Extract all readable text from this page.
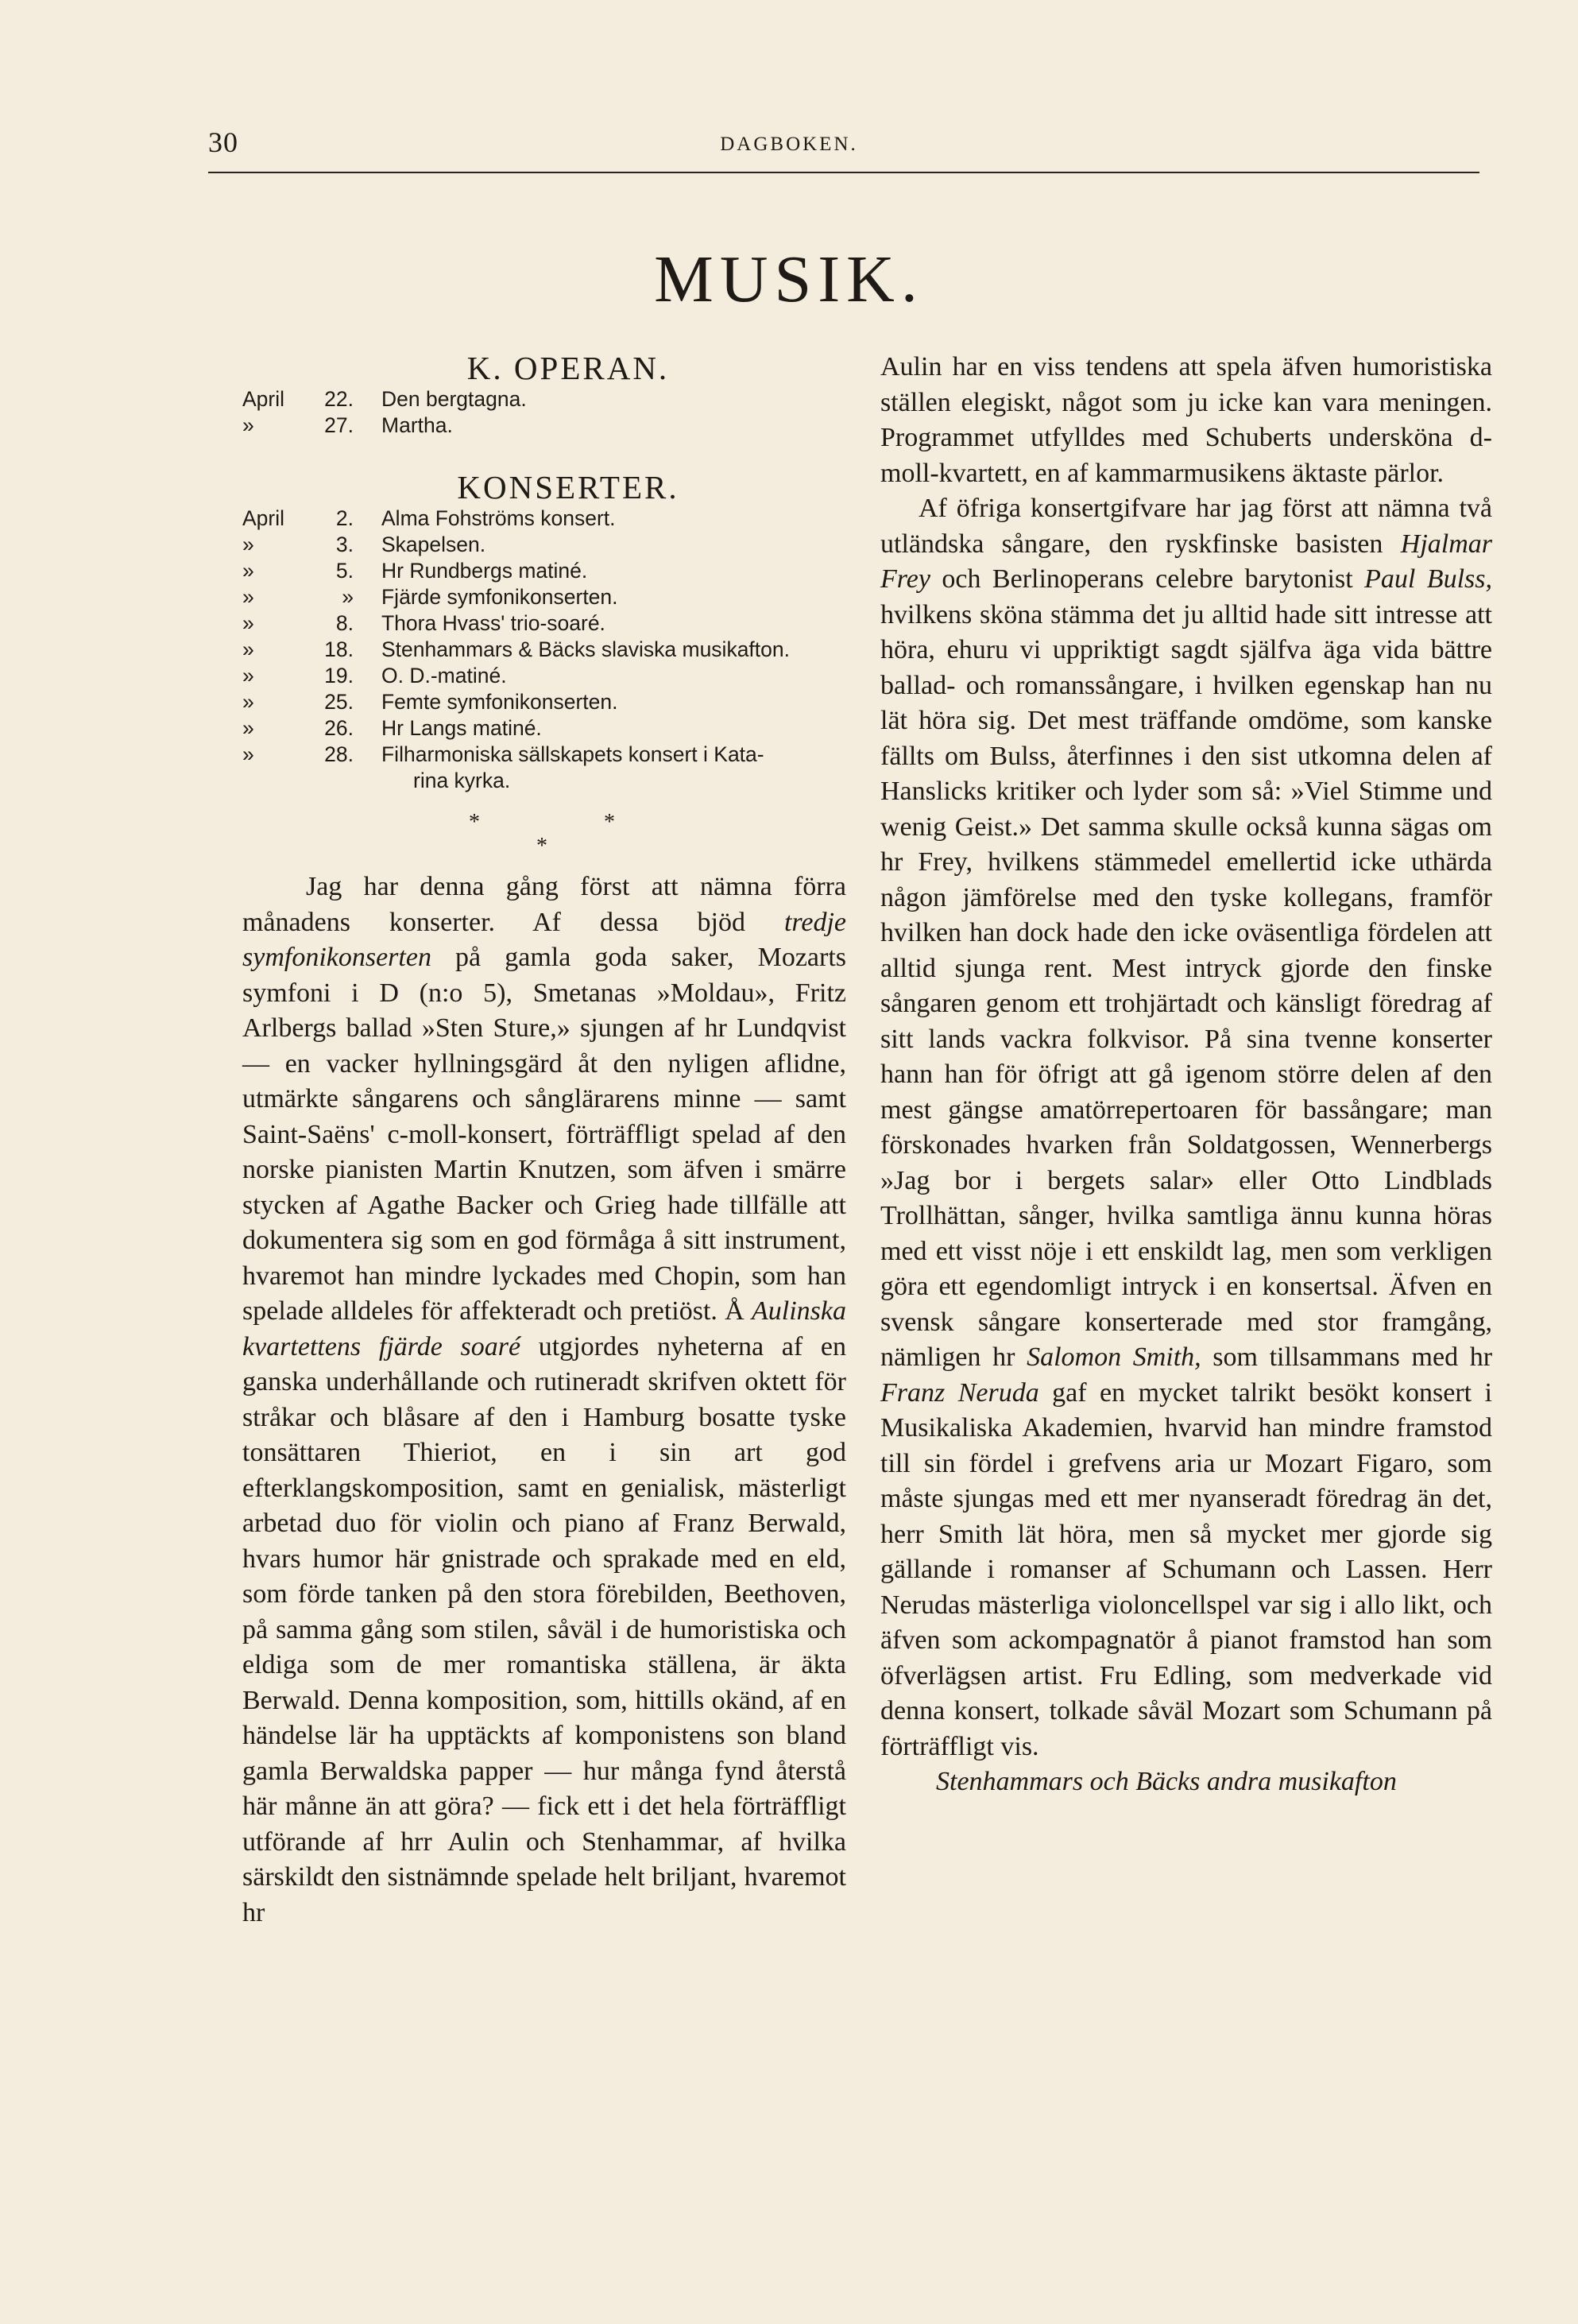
30	DAGBOKEN.
MUSIK.
K. OPERAN.
April	22. Den bergtagna.
»	27. Martha.
KONSERTER.
April	2. Alma Fohströms konsert.
»	3. Skapelsen.
»	5. Hr Rundbergs matiné.
»	» Fjärde symfonikonserten.
»	8. Thora Hvass' trio-soaré.
»	18. Stenhammars & Bäcks slaviska musikafton.
»	19. O. D.-matiné.
»	25. Femte symfonikonserten.
»	26. Hr Langs matiné.
»	28. Filharmoniska sällskapets konsert i Kata-
rina kyrka.
*	*
*

Jag har denna gång först att nämna förra månadens konserter. Af dessa bjöd tredje symfonikonserten på gamla goda saker, Mozarts symfoni i D (n:o 5), Smetanas »Moldau», Fritz Arlbergs ballad »Sten Sture,» sjungen af hr Lundqvist — en vacker hyllningsgärd åt den nyligen aflidne, utmärkte sångarens och sånglärarens minne — samt Saint-Saëns' c-moll-konsert, förträffligt spelad af den norske pianisten Martin Knutzen, som äfven i smärre stycken af Agathe Backer och Grieg hade tillfälle att dokumentera sig som en god förmåga å sitt instrument, hvaremot han mindre lyckades med Chopin, som han spelade alldeles för affekteradt och pretiöst. Å Aulinska kvartettens fjärde soaré utgjordes nyheterna af en ganska underhållande och rutineradt skrifven oktett för stråkar och blåsare af den i Hamburg bosatte tyske tonsättaren Thieriot, en i sin art god efterklangskomposition, samt en genialisk, mästerligt arbetad duo för violin och piano af Franz Berwald, hvars humor här gnistrade och sprakade med en eld, som förde tanken på den stora förebilden, Beethoven, på samma gång som stilen, såväl i de humoristiska och eldiga som de mer romantiska ställena, är äkta Berwald. Denna komposition, som, hittills okänd, af en händelse lär ha upptäckts af komponistens son bland gamla Berwaldska papper — hur många fynd återstå här månne än att göra? — fick ett i det hela förträffligt utförande af hrr Aulin och Stenhammar, af hvilka särskildt den sistnämnde spelade helt briljant, hvaremot hr

Aulin har en viss tendens att spela äfven humoristiska ställen elegiskt, något som ju icke kan vara meningen. Programmet utfylldes med Schuberts undersköna d-moll-kvartett, en af kammarmusikens äktaste pärlor.

Af öfriga konsertgifvare har jag först att nämna två utländska sångare, den ryskfinske basisten Hjalmar Frey och Berlinoperans celebre barytonist Paul Bulss, hvilkens sköna stämma det ju alltid hade sitt intresse att höra, ehuru vi uppriktigt sagdt själfva äga vida bättre ballad- och romanssångare, i hvilken egenskap han nu lät höra sig. Det mest träffande omdöme, som kanske fällts om Bulss, återfinnes i den sist utkomna delen af Hanslicks kritiker och lyder som så: »Viel Stimme und wenig Geist.» Det samma skulle också kunna sägas om hr Frey, hvilkens stämmedel emellertid icke uthärda någon jämförelse med den tyske kollegans, framför hvilken han dock hade den icke oväsentliga fördelen att alltid sjunga rent. Mest intryck gjorde den finske sångaren genom ett trohjärtadt och känsligt föredrag af sitt lands vackra folkvisor. På sina tvenne konserter hann han för öfrigt att gå igenom större delen af den mest gängse amatörrepertoaren för bassångare; man förskonades hvarken från Soldatgossen, Wennerbergs »Jag bor i bergets salar» eller Otto Lindblads Trollhättan, sånger, hvilka samtliga ännu kunna höras med ett visst nöje i ett enskildt lag, men som verkligen göra ett egendomligt intryck i en konsertsal. Äfven en svensk sångare konserterade med stor framgång, nämligen hr Salomon Smith, som tillsammans med hr Franz Neruda gaf en mycket talrikt besökt konsert i Musikaliska Akademien, hvarvid han mindre framstod till sin fördel i grefvens aria ur Mozart Figaro, som måste sjungas med ett mer nyanseradt föredrag än det, herr Smith lät höra, men så mycket mer gjorde sig gällande i romanser af Schumann och Lassen. Herr Nerudas mästerliga violoncellspel var sig i allo likt, och äfven som ackompagnatör å pianot framstod han som öfverlägsen artist. Fru Edling, som medverkade vid denna konsert, tolkade såväl Mozart som Schumann på förträffligt vis.

Stenhammars och Bäcks andra musikafton
